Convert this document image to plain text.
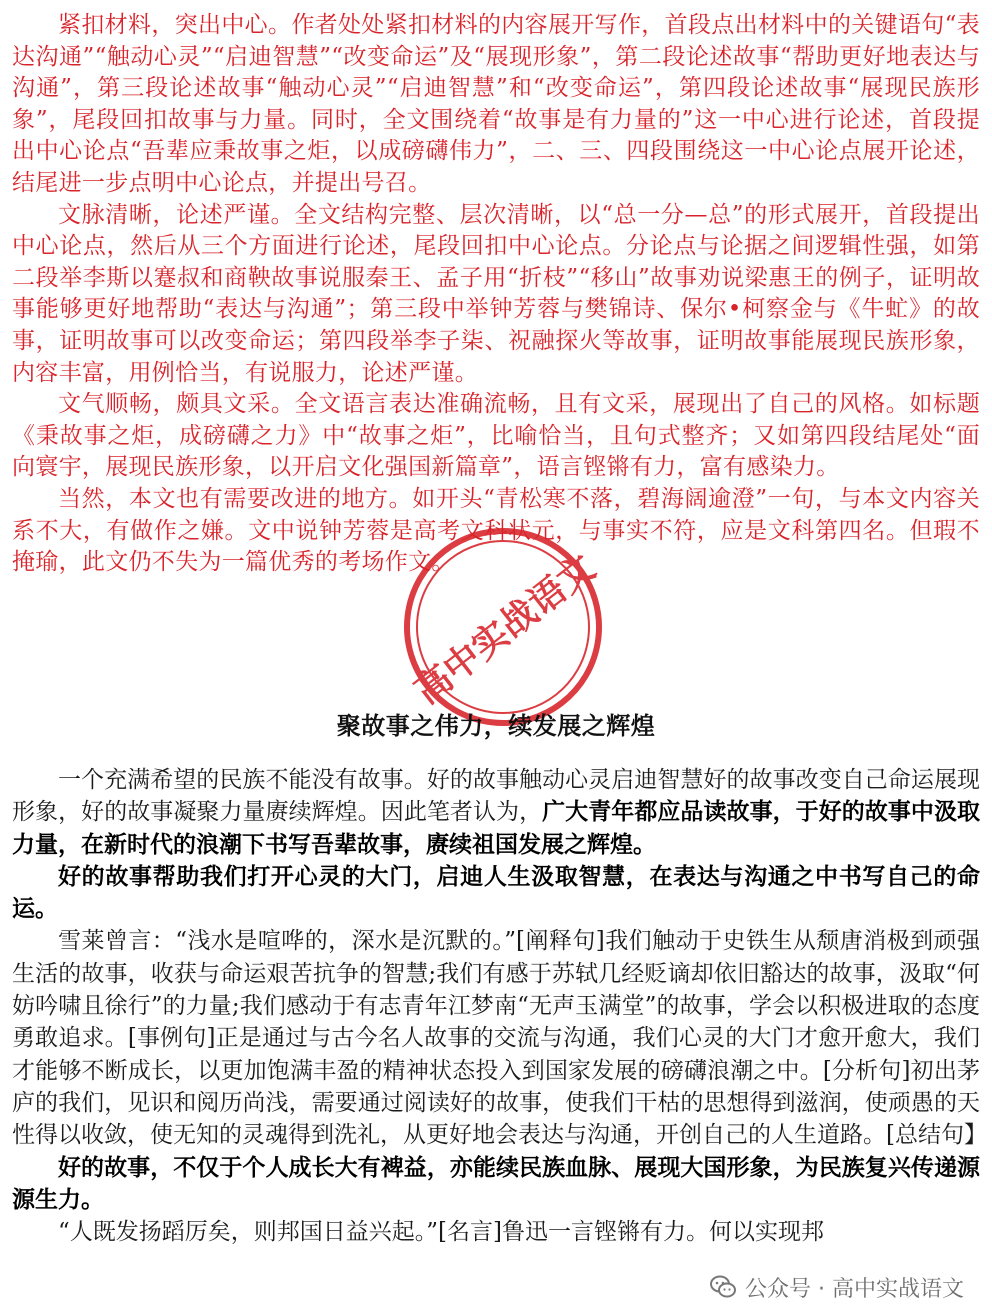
紧扣材料，突出中心。作者处处紧扣材料的内容展开写作，首段点出材料中的关键语句“表达沟通”“触动心灵”“启迪智慧”“改变命运”及“展现形象”，第二段论述故事“帮助更好地表达与沟通”，第三段论述故事“触动心灵”“启迪智慧”和“改变命运”，第四段论述故事“展现民族形象”，尾段回扣故事与力量。同时，全文围绕着“故事是有力量的”这一中心进行论述，首段提出中心论点“吾辈应秉故事之炬，以成磅礴伟力”，二、三、四段围绕这一中心论点展开论述，结尾进一步点明中心论点，并提出号召。

文脉清晰，论述严谨。全文结构完整、层次清晰，以“总一分—总”的形式展开，首段提出中心论点，然后从三个方面进行论述，尾段回扣中心论点。分论点与论据之间逻辑性强，如第二段举李斯以蹇叔和商鞅故事说服秦王、孟子用“折枝”“移山”故事劝说梁惠王的例子，证明故事能够更好地帮助“表达与沟通”；第三段中举钟芳蓉与樊锦诗、保尔•柯察金与《牛虻》的故事，证明故事可以改变命运；第四段举李子柒、祝融探火等故事，证明故事能展现民族形象，内容丰富，用例恰当，有说服力，论述严谨。

文气顺畅，颇具文采。全文语言表达准确流畅，且有文采，展现出了自己的风格。如标题《秉故事之炬，成磅礴之力》中“故事之炬”，比喻恰当，且句式整齐；又如第四段结尾处“面向寰宇，展现民族形象，以开启文化强国新篇章”，语言铿锵有力，富有感染力。

当然，本文也有需要改进的地方。如开头“青松寒不落，碧海阔逾澄”一句，与本文内容关系不大，有做作之嫌。文中说钟芳蓉是高考文科状元，与事实不符，应是文科第四名。但瑕不掩瑜，此文仍不失为一篇优秀的考场作文。

高中实战语文
聚故事之伟力，续发展之辉煌

一个充满希望的民族不能没有故事。好的故事触动心灵启迪智慧好的故事改变自己命运展现形象，好的故事凝聚力量赓续辉煌。因此笔者认为，广大青年都应品读故事，于好的故事中汲取力量，在新时代的浪潮下书写吾辈故事，赓续祖国发展之辉煌。

好的故事帮助我们打开心灵的大门，启迪人生汲取智慧，在表达与沟通之中书写自己的命运。

雪莱曾言：“浅水是喧哗的，深水是沉默的。”[阐释句]我们触动于史铁生从颓唐消极到顽强生活的故事，收获与命运艰苦抗争的智慧;我们有感于苏轼几经贬谪却依旧豁达的故事，汲取“何妨吟啸且徐行”的力量;我们感动于有志青年江梦南“无声玉满堂”的故事，学会以积极进取的态度勇敢追求。[事例句]正是通过与古今名人故事的交流与沟通，我们心灵的大门才愈开愈大，我们才能够不断成长，以更加饱满丰盈的精神状态投入到国家发展的磅礴浪潮之中。[分析句]初出茅庐的我们，见识和阅历尚浅，需要通过阅读好的故事，使我们干枯的思想得到滋润，使顽愚的天性得以收敛，使无知的灵魂得到洗礼，从更好地会表达与沟通，开创自己的人生道路。[总结句】

好的故事，不仅于个人成长大有裨益，亦能续民族血脉、展现大国形象，为民族复兴传递源源生力。

“人既发扬蹈厉矣，则邦国日益兴起。”[名言]鲁迅一言铿锵有力。何以实现邦

公众号 · 高中实战语文
